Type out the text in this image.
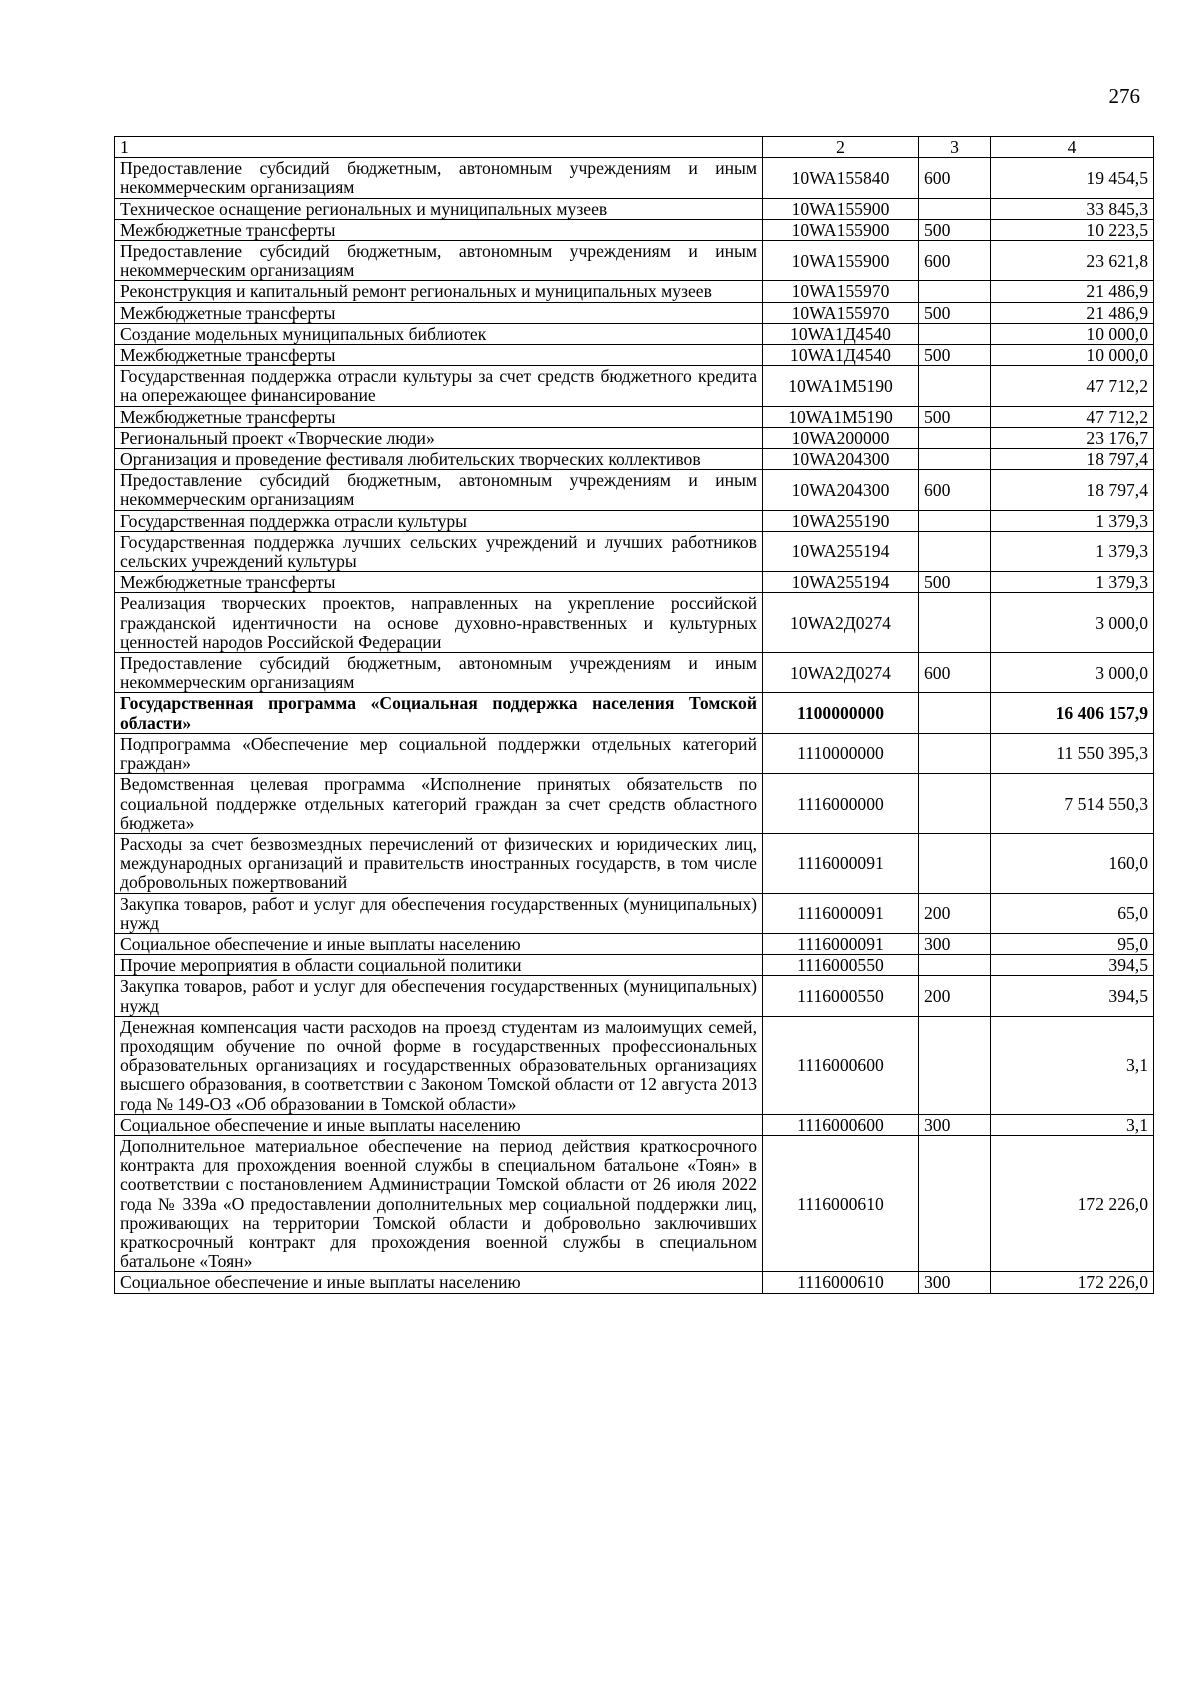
276
1	2	3	4
Предоставление субсидий бюджетным, автономным учреждениям и иным некоммерческим организациям	10WA155840	600	19 454,5
Техническое оснащение региональных и муниципальных музеев	10WA155900		33 845,3
Межбюджетные трансферты	10WA155900	500	10 223,5
Предоставление субсидий бюджетным, автономным учреждениям и иным некоммерческим организациям	10WA155900	600	23 621,8
Реконструкция и капитальный ремонт региональных и муниципальных музеев	10WA155970		21 486,9
Межбюджетные трансферты	10WA155970	500	21 486,9
Создание модельных муниципальных библиотек	10WA1Д4540		10 000,0
Межбюджетные трансферты	10WA1Д4540	500	10 000,0
Государственная поддержка отрасли культуры за счет средств бюджетного кредита на опережающее финансирование	10WA1M5190		47 712,2
Межбюджетные трансферты	10WA1M5190	500	47 712,2
Региональный проект «Творческие люди»	10WA200000		23 176,7
Организация и проведение фестиваля любительских творческих коллективов	10WA204300		18 797,4
Предоставление субсидий бюджетным, автономным учреждениям и иным некоммерческим организациям	10WA204300	600	18 797,4
Государственная поддержка отрасли культуры	10WA255190		1 379,3
Государственная поддержка лучших сельских учреждений и лучших работников сельских учреждений культуры	10WA255194		1 379,3
Межбюджетные трансферты	10WA255194	500	1 379,3
Реализация творческих проектов, направленных на укрепление российской гражданской идентичности на основе духовно-нравственных и культурных ценностей народов Российской Федерации	10WA2Д0274		3 000,0
Предоставление субсидий бюджетным, автономным учреждениям и иным некоммерческим организациям	10WA2Д0274	600	3 000,0
Государственная программа «Социальная поддержка населения Томской области»	1100000000		16 406 157,9
Подпрограмма «Обеспечение мер социальной поддержки отдельных категорий граждан»	1110000000		11 550 395,3
Ведомственная целевая программа «Исполнение принятых обязательств по социальной поддержке отдельных категорий граждан за счет средств областного бюджета»	1116000000		7 514 550,3
Расходы за счет безвозмездных перечислений от физических и юридических лиц, международных организаций и правительств иностранных государств, в том числе добровольных пожертвований	1116000091		160,0
Закупка товаров, работ и услуг для обеспечения государственных (муниципальных) нужд	1116000091	200	65,0
Социальное обеспечение и иные выплаты населению	1116000091	300	95,0
Прочие мероприятия в области социальной политики	1116000550		394,5
Закупка товаров, работ и услуг для обеспечения государственных (муниципальных) нужд	1116000550	200	394,5
Денежная компенсация части расходов на проезд студентам из малоимущих семей, проходящим обучение по очной форме в государственных профессиональных образовательных организациях и государственных образовательных организациях высшего образования, в соответствии с Законом Томской области от 12 августа 2013 года № 149-ОЗ «Об образовании в Томской области»	1116000600		3,1
Социальное обеспечение и иные выплаты населению	1116000600	300	3,1
Дополнительное материальное обеспечение на период действия краткосрочного контракта для прохождения военной службы в специальном батальоне «Тоян» в соответствии с постановлением Администрации Томской области от 26 июля 2022 года № 339а «О предоставлении дополнительных мер социальной поддержки лиц, проживающих на территории Томской области и добровольно заключивших краткосрочный контракт для прохождения военной службы в специальном батальоне «Тоян»	1116000610		172 226,0
Социальное обеспечение и иные выплаты населению	1116000610	300	172 226,0
